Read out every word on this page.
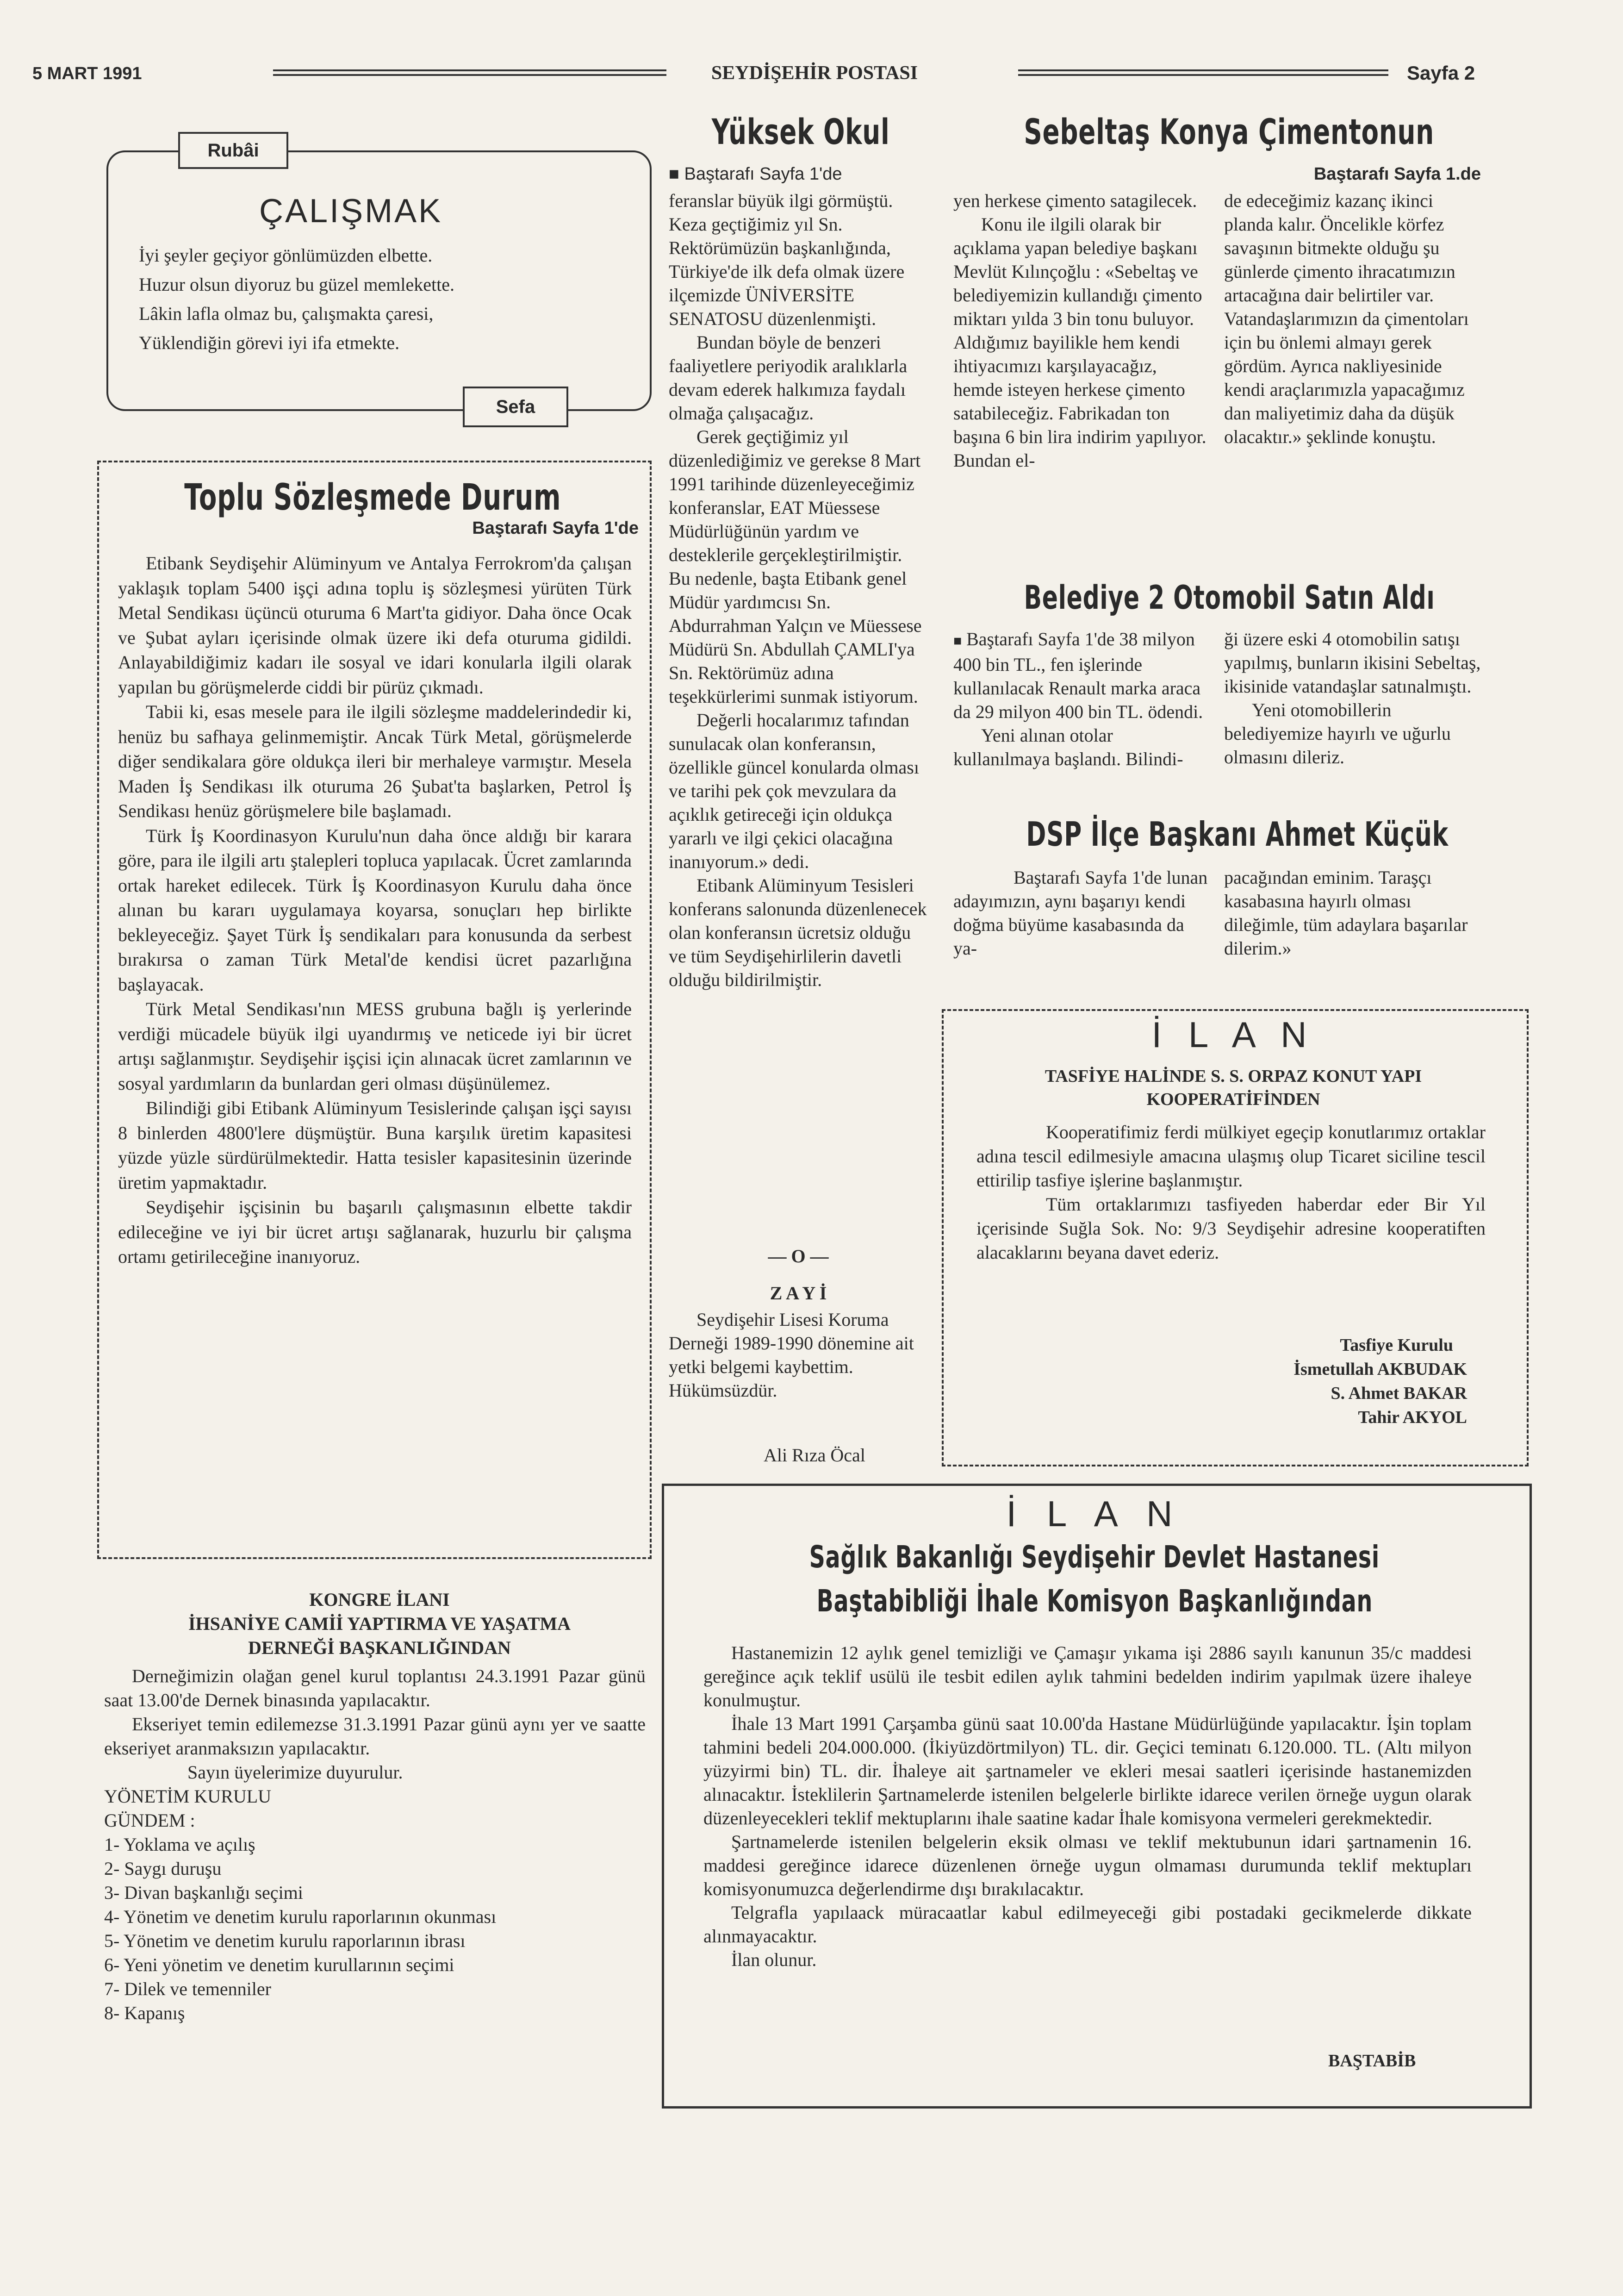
5 MART 1991	SEYDİŞEHİR POSTASI	Sayfa 2
Rubâi
ÇALIŞMAK
İyi şeyler geçiyor gönlümüzden elbette.
Huzur olsun diyoruz bu güzel memlekette.
Lâkin lafla olmaz bu, çalışmakta çaresi,
Yüklendiğin görevi iyi ifa etmekte.
Sefa
Toplu Sözleşmede Durum
Baştarafı Sayfa 1'de

Etibank Seydişehir Alüminyum ve Antalya Ferrokrom'da çalışan yaklaşık toplam 5400 işçi adına toplu iş sözleşmesi yürüten Türk Metal Sendikası üçüncü oturuma 6 Mart'ta gidiyor. Daha önce Ocak ve Şubat ayları içerisinde olmak üzere iki defa oturuma gidildi. Anlayabildiğimiz kadarı ile sosyal ve idari konularla ilgili olarak yapılan bu görüşmelerde ciddi bir pürüz çıkmadı.

Tabii ki, esas mesele para ile ilgili sözleşme maddelerindedir ki, henüz bu safhaya gelinmemiştir. Ancak Türk Metal, görüşmelerde diğer sendikalara göre oldukça ileri bir merhaleye varmıştır. Mesela Maden İş Sendikası ilk oturuma 26 Şubat'ta başlarken, Petrol İş Sendikası henüz görüşmelere bile başlamadı.

Türk İş Koordinasyon Kurulu'nun daha önce aldığı bir karara göre, para ile ilgili artı ştalepleri topluca yapılacak. Ücret zamlarında ortak hareket edilecek. Türk İş Koordinasyon Kurulu daha önce alınan bu kararı uygulamaya koyarsa, sonuçları hep birlikte bekleyeceğiz. Şayet Türk İş sendikaları para konusunda da serbest bırakırsa o zaman Türk Metal'de kendisi ücret pazarlığına başlayacak.

Türk Metal Sendikası'nın MESS grubuna bağlı iş yerlerinde verdiği mücadele büyük ilgi uyandırmış ve neticede iyi bir ücret artışı sağlanmıştır. Seydişehir işçisi için alınacak ücret zamlarının ve sosyal yardımların da bunlardan geri olması düşünülemez.

Bilindiği gibi Etibank Alüminyum Tesislerinde çalışan işçi sayısı 8 binlerden 4800'lere düşmüştür. Buna karşılık üretim kapasitesi yüzde yüzle sürdürülmektedir. Hatta tesisler kapasitesinin üzerinde üretim yapmaktadır.

Seydişehir işçisinin bu başarılı çalışmasının elbette takdir edileceğine ve iyi bir ücret artışı sağlanarak, huzurlu bir çalışma ortamı getirileceğine inanıyoruz.

KONGRE İLANI
İHSANİYE CAMİİ YAPTIRMA VE YAŞATMA
DERNEĞİ BAŞKANLIĞINDAN

Derneğimizin olağan genel kurul toplantısı 24.3.1991 Pazar günü saat 13.00'de Dernek binasında yapılacaktır.

Ekseriyet temin edilemezse 31.3.1991 Pazar günü aynı yer ve saatte ekseriyet aranmaksızın yapılacaktır.

Sayın üyelerimize duyurulur.

YÖNETİM KURULU

GÜNDEM :

1- Yoklama ve açılış
2- Saygı duruşu
3- Divan başkanlığı seçimi
4- Yönetim ve denetim kurulu raporlarının okunması
5- Yönetim ve denetim kurulu raporlarının ibrası
6- Yeni yönetim ve denetim kurullarının seçimi
7- Dilek ve temenniler
8- Kapanış
Yüksek Okul
■ Baştarafı Sayfa 1'de

feranslar büyük ilgi görmüştü. Keza geçtiğimiz yıl Sn. Rektörümüzün başkanlığında, Türkiye'de ilk defa olmak üzere ilçemizde ÜNİVERSİTE SENATOSU düzenlenmişti.

Bundan böyle de benzeri faaliyetlere periyodik aralıklarla devam ederek halkımıza faydalı olmağa çalışacağız.

Gerek geçtiğimiz yıl düzenlediğimiz ve gerekse 8 Mart 1991 tarihinde düzenleyeceğimiz konferanslar, EAT Müessese Müdürlüğünün yardım ve desteklerile gerçekleştirilmiştir. Bu nedenle, başta Etibank genel Müdür yardımcısı Sn. Abdurrahman Yalçın ve Müessese Müdürü Sn. Abdullah ÇAMLI'ya Sn. Rektörümüz adına teşekkürlerimi sunmak istiyorum.

Değerli hocalarımız tafından sunulacak olan konferansın, özellikle güncel konularda olması ve tarihi pek çok mevzulara da açıklık getireceği için oldukça yararlı ve ilgi çekici olacağına inanıyorum.» dedi.

Etibank Alüminyum Tesisleri konferans salonunda düzenlenecek olan konferansın ücretsiz olduğu ve tüm Seydişehirlilerin davetli olduğu bildirilmiştir.

— O —
Z A Y İ
Seydişehir Lisesi Koruma Derneği 1989-1990 dönemine ait yetki belgemi kaybettim. Hükümsüzdür.
Ali Rıza Öcal
Sebeltaş Konya Çimentonun
Baştarafı Sayfa 1.de

yen herkese çimento satagilecek.

Konu ile ilgili olarak bir açıklama yapan belediye başkanı Mevlüt Kılınçoğlu : «Sebeltaş ve belediyemizin kullandığı çimento miktarı yılda 3 bin tonu buluyor. Aldığımız bayiliklе hem kendi ihtiyacımızı karşılayacağız, hemde isteyen herkese çimento satabileceğiz. Fabrikadan ton başına 6 bin lira indirim yapılıyor. Bundan el-

de edeceğimiz kazanç ikinci planda kalır. Öncelikle körfez savaşının bitmekte olduğu şu günlerde çimento ihracatımızın artacağına dair belirtiler var. Vatandaşlarımızın da çimentoları için bu önlemi almayı gerek gördüm. Ayrıca nakliyesinide kendi araçlarımızla yapacağımız dan maliyetimiz daha da düşük olacaktır.» şeklinde konuştu.

Belediye 2 Otomobil Satın Aldı
■ Baştarafı Sayfa 1'de 38 milyon 400 bin TL., fen işlerinde kullanılacak Renault marka araca da 29 milyon 400 bin TL. ödendi.

Yeni alınan otolar kullanılmaya başlandı. Bilindi-

ği üzere eski 4 otomobilin satışı yapılmış, bunların ikisini Sebeltaş, ikisinide vatandaşlar satınalmıştı.

Yeni otomobillerin belediyemize hayırlı ve uğurlu olmasını dileriz.

DSP İlçe Başkanı Ahmet Küçük
Baştarafı Sayfa 1'de lunan adayımızın, aynı başarıyı kendi doğma büyüme kasabasında da ya-
pacağından eminim. Taraşçı kasabasına hayırlı olması dileğimle, tüm adaylara başarılar dilerim.»
İ L A N
TASFİYE HALİNDE S. S. ORPAZ KONUT YAPI
KOOPERATİFİNDEN

Kooperatifimiz ferdi mülkiyet egeçip konutlarımız ortaklar adına tescil edilmesiyle amacına ulaşmış olup Ticaret siciline tescil ettirilip tasfiye işlerine başlanmıştır.

Tüm ortaklarımızı tasfiyeden haberdar eder Bir Yıl içerisinde Suğla Sok. No: 9/3 Seydişehir adresine kooperatiften alacaklarını beyana davet ederiz.

Tasfiye Kurulu
İsmetullah AKBUDAK
S. Ahmet BAKAR
Tahir AKYOL
İ L A N
Sağlık Bakanlığı Seydişehir Devlet Hastanesi
Baştabibliği İhale Komisyon Başkanlığından

Hastanemizin 12 aylık genel temizliği ve Çamaşır yıkama işi 2886 sayılı kanunun 35/c maddesi gereğince açık teklif usülü ile tesbit edilen aylık tahmini bedelden indirim yapılmak üzere ihaleye konulmuştur.

İhale 13 Mart 1991 Çarşamba günü saat 10.00'da Hastane Müdürlüğünde yapılacaktır. İşin toplam tahmini bedeli 204.000.000. (İkiyüzdörtmilyon) TL. dir. Geçici teminatı 6.120.000. TL. (Altı milyon yüzyirmi bin) TL. dir. İhaleye ait şartnameler ve ekleri mesai saatleri içerisinde hastanemizden alınacaktır. İsteklilerin Şartnamelerde istenilen belgelerle birlikte idarece verilen örneğe uygun olarak düzenleyecekleri teklif mektuplarını ihale saatine kadar İhale komisyona vermeleri gerekmektedir.

Şartnamelerde istenilen belgelerin eksik olması ve teklif mektubunun idari şartnamenin 16. maddesi gereğince idarece düzenlenen örneğe uygun olmaması durumunda teklif mektupları komisyonumuzca değerlendirme dışı bırakılacaktır.

Telgrafla yapılaack müracaatlar kabul edilmeyeceği gibi postadaki gecikmelerde dikkate alınmayacaktır.

İlan olunur.

BAŞTABİB
